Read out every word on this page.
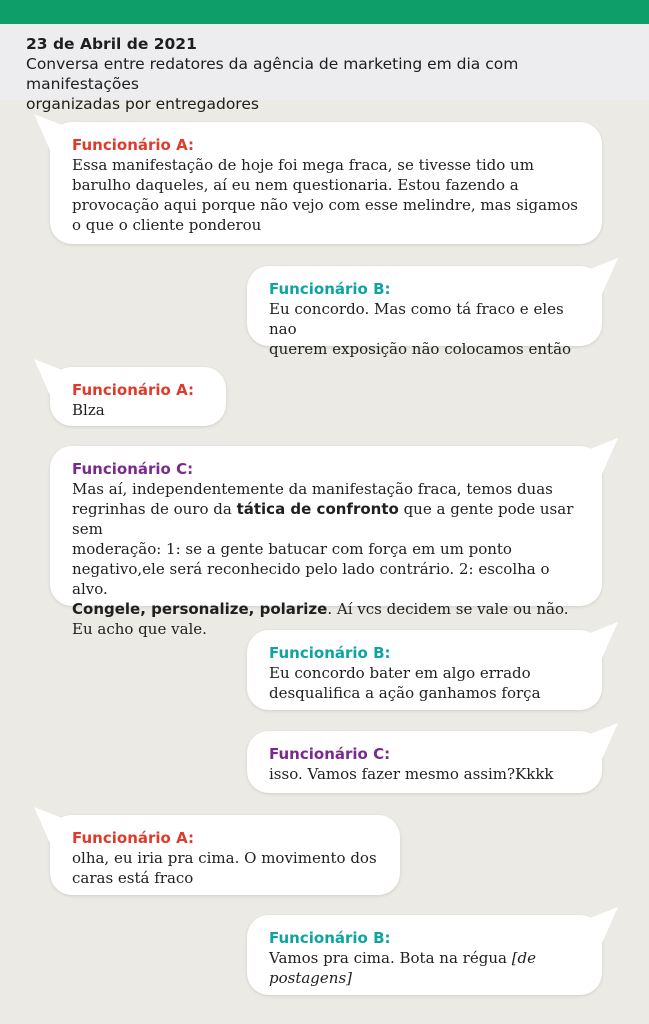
23 de Abril de 2021
Conversa entre redatores da agência de marketing em dia com manifestações
organizadas por entregadores
Funcionário A:
Essa manifestação de hoje foi mega fraca, se tivesse tido um
barulho daqueles, aí eu nem questionaria. Estou fazendo a
provocação aqui porque não vejo com esse melindre, mas sigamos
o que o cliente ponderou
Funcionário B:
Eu concordo. Mas como tá fraco e eles nao
querem exposição não colocamos então
Funcionário A:
Blza
Funcionário C:
Mas aí, independentemente da manifestação fraca, temos duas
regrinhas de ouro da tática de confronto que a gente pode usar sem
moderação: 1: se a gente batucar com força em um ponto
negativo,ele será reconhecido pelo lado contrário. 2: escolha o alvo.
Congele, personalize, polarize. Aí vcs decidem se vale ou não.
Eu acho que vale.
Funcionário B:
Eu concordo bater em algo errado
desqualifica a ação ganhamos força
Funcionário C:
isso. Vamos fazer mesmo assim?Kkkk
Funcionário A:
olha, eu iria pra cima. O movimento dos
caras está fraco
Funcionário B:
Vamos pra cima. Bota na régua [de
postagens]
